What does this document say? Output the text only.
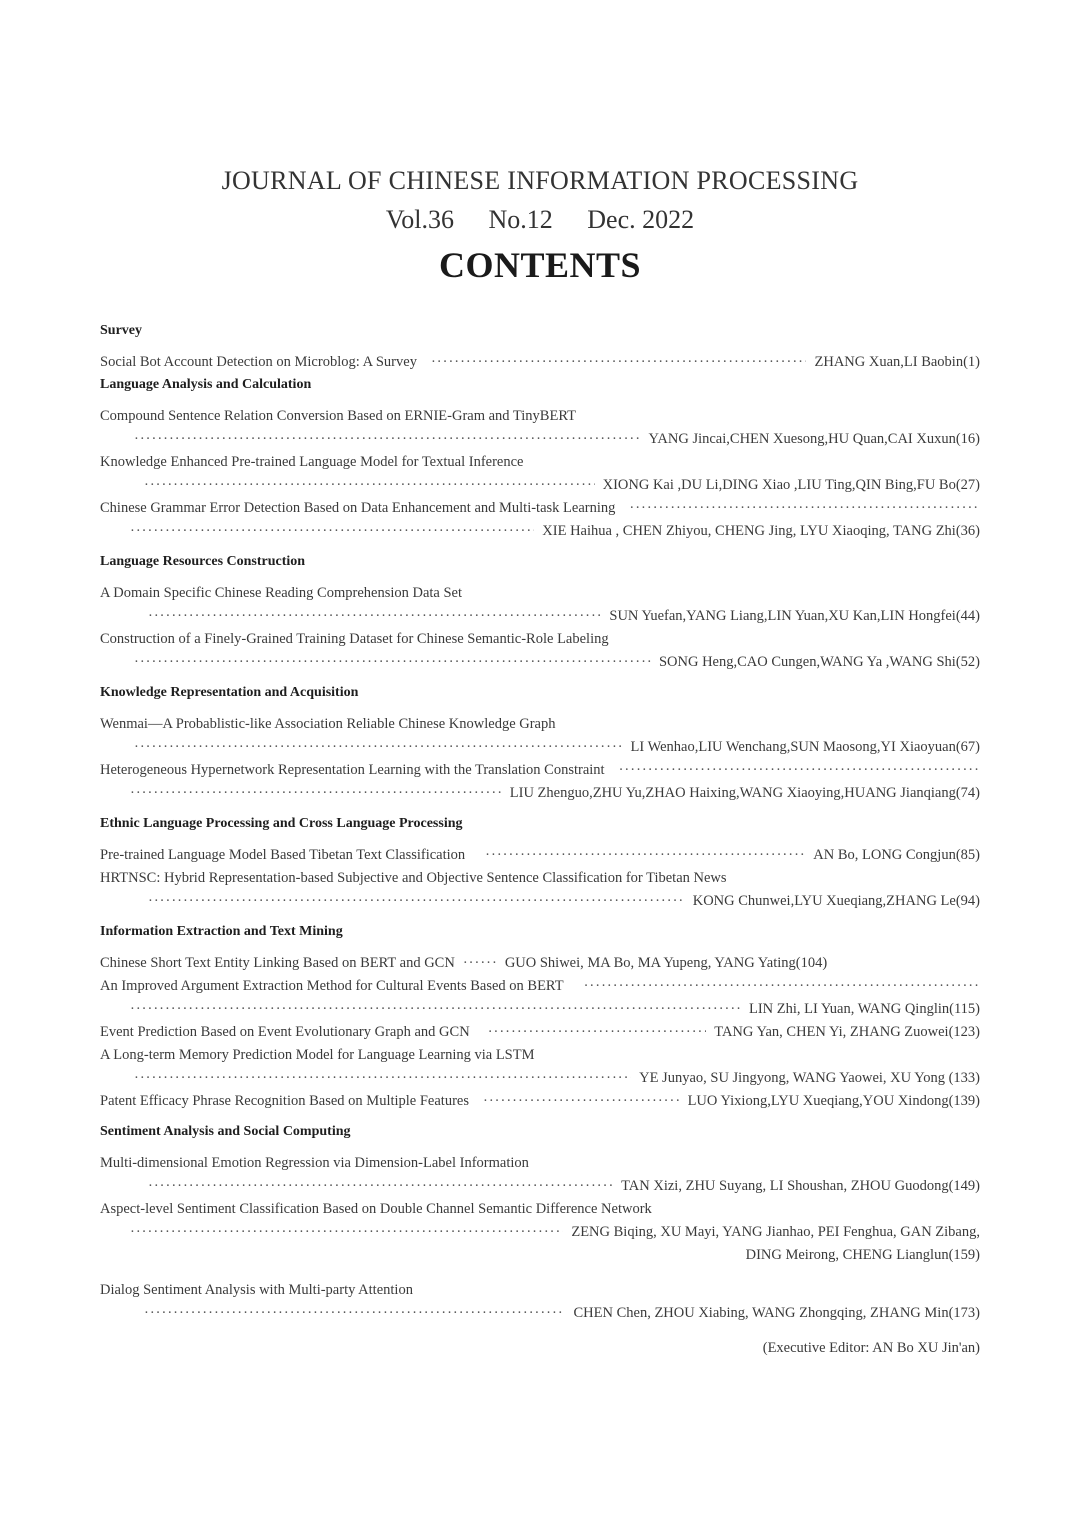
JOURNAL OF CHINESE INFORMATION PROCESSING
Vol.36 No.12 Dec. 2022
CONTENTS
Survey
Social Bot Account Detection on Microblog: A Survey ·····	ZHANG Xuan,LI Baobin(1)
Language Analysis and Calculation
Compound Sentence Relation Conversion Based on ERNIE-Gram and TinyBERT
·····
YANG Jincai,CHEN Xuesong,HU Quan,CAI Xuxun(16)
Knowledge Enhanced Pre-trained Language Model for Textual Inference
·····
XIONG Kai ,DU Li,DING Xiao ,LIU Ting,QIN Bing,FU Bo(27)
Chinese Grammar Error Detection Based on Data Enhancement and Multi-task Learning
·····
·····
XIE Haihua , CHEN Zhiyou, CHENG Jing, LYU Xiaoqing, TANG Zhi(36)
Language Resources Construction
A Domain Specific Chinese Reading Comprehension Data Set
·····
SUN Yuefan,YANG Liang,LIN Yuan,XU Kan,LIN Hongfei(44)
Construction of a Finely-Grained Training Dataset for Chinese Semantic-Role Labeling
·····
SONG Heng,CAO Cungen,WANG Ya ,WANG Shi(52)
Knowledge Representation and Acquisition
Wenmai—A Probablistic-like Association Reliable Chinese Knowledge Graph
·····
LI Wenhao,LIU Wenchang,SUN Maosong,YI Xiaoyuan(67)
Heterogeneous Hypernetwork Representation Learning with the Translation Constraint
·····
·····
LIU Zhenguo,ZHU Yu,ZHAO Haixing,WANG Xiaoying,HUANG Jianqiang(74)
Ethnic Language Processing and Cross Language Processing
Pre-trained Language Model Based Tibetan Text Classification ·····	AN Bo, LONG Congjun(85)
HRTNSC: Hybrid Representation-based Subjective and Objective Sentence Classification for Tibetan News
·····
KONG Chunwei,LYU Xueqiang,ZHANG Le(94)
Information Extraction and Text Mining
Chinese Short Text Entity Linking Based on BERT and GCN ·····	GUO Shiwei, MA Bo, MA Yupeng, YANG Yating(104)
An Improved Argument Extraction Method for Cultural Events Based on BERT
·····
·····
LIN Zhi, LI Yuan, WANG Qinglin(115)
Event Prediction Based on Event Evolutionary Graph and GCN ·····	TANG Yan, CHEN Yi, ZHANG Zuowei(123)
A Long-term Memory Prediction Model for Language Learning via LSTM
·····
YE Junyao, SU Jingyong, WANG Yaowei, XU Yong (133)
Patent Efficacy Phrase Recognition Based on Multiple Features ·····	LUO Yixiong,LYU Xueqiang,YOU Xindong(139)
Sentiment Analysis and Social Computing
Multi-dimensional Emotion Regression via Dimension-Label Information
·····
TAN Xizi, ZHU Suyang, LI Shoushan, ZHOU Guodong(149)
Aspect-level Sentiment Classification Based on Double Channel Semantic Difference Network
·····
ZENG Biqing, XU Mayi, YANG Jianhao, PEI Fenghua, GAN Zibang,
DING Meirong, CHENG Lianglun(159)
Dialog Sentiment Analysis with Multi-party Attention
·····
CHEN Chen, ZHOU Xiabing, WANG Zhongqing, ZHANG Min(173)
(Executive Editor: AN Bo XU Jin'an)
